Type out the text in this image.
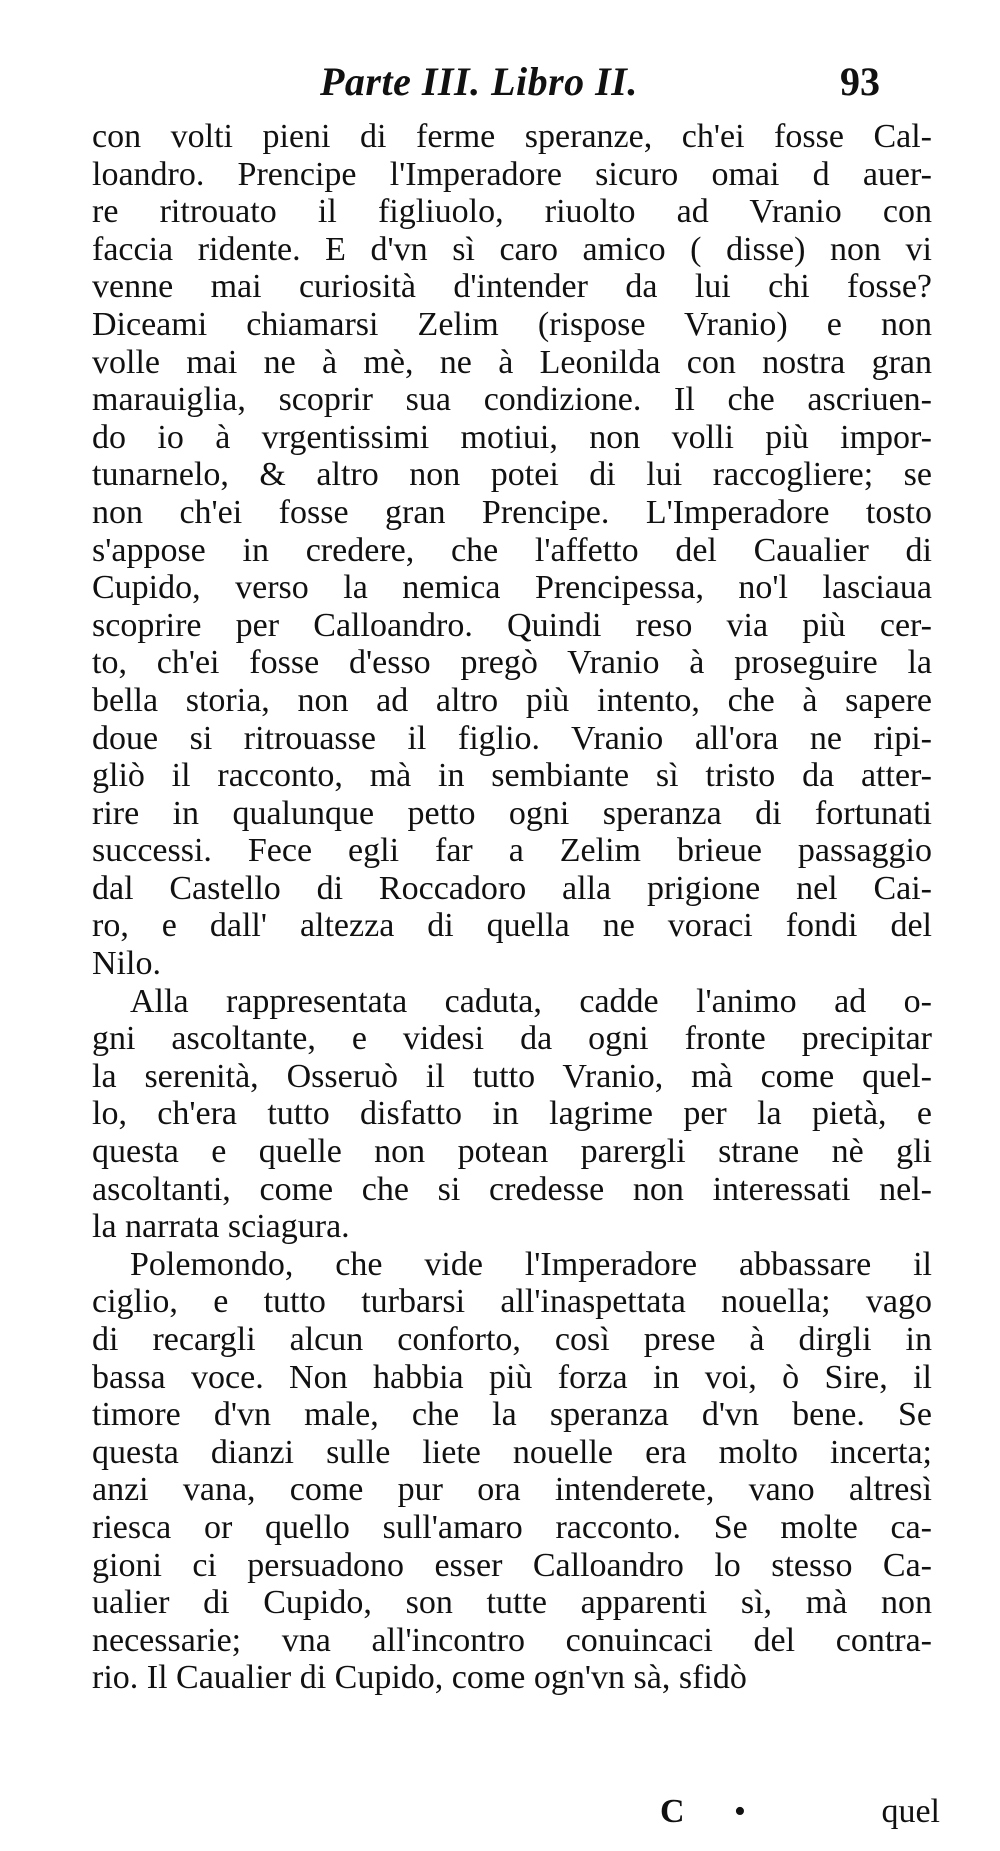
Parte III. Libro II.	93
con volti pieni di ferme speranze, ch'ei fosse Cal-
loandro. Prencipe l'Imperadore sicuro omai d auer-
re ritrouato il figliuolo, riuolto ad Vranio con
faccia ridente. E d'vn sì caro amico ( disse) non vi
venne mai curiosità d'intender da lui chi fosse?
Diceami chiamarsi Zelim (rispose Vranio) e non
volle mai ne à mè, ne à Leonilda con nostra gran
marauiglia, scoprir sua condizione. Il che ascriuen-
do io à vrgentissimi motiui, non volli più impor-
tunarnelo, & altro non potei di lui raccogliere; se
non ch'ei fosse gran Prencipe. L'Imperadore tosto
s'appose in credere, che l'affetto del Caualier di
Cupido, verso la nemica Prencipessa, no'l lasciaua
scoprire per Calloandro. Quindi reso via più cer-
to, ch'ei fosse d'esso pregò Vranio à proseguire la
bella storia, non ad altro più intento, che à sapere
doue si ritrouasse il figlio. Vranio all'ora ne ripi-
gliò il racconto, mà in sembiante sì tristo da atter-
rire in qualunque petto ogni speranza di fortunati
successi. Fece egli far a Zelim brieue passaggio
dal Castello di Roccadoro alla prigione nel Cai-
ro, e dall' altezza di quella ne voraci fondi del
Nilo.
Alla rappresentata caduta, cadde l'animo ad o-
gni ascoltante, e videsi da ogni fronte precipitar
la serenità, Osseruò il tutto Vranio, mà come quel-
lo, ch'era tutto disfatto in lagrime per la pietà, e
questa e quelle non potean parergli strane nè gli
ascoltanti, come che si credesse non interessati nel-
la narrata sciagura.
Polemondo, che vide l'Imperadore abbassare il
ciglio, e tutto turbarsi all'inaspettata nouella; vago
di recargli alcun conforto, così prese à dirgli in
bassa voce. Non habbia più forza in voi, ò Sire, il
timore d'vn male, che la speranza d'vn bene. Se
questa dianzi sulle liete nouelle era molto incerta;
anzi vana, come pur ora intenderete, vano altresì
riesca or quello sull'amaro racconto. Se molte ca-
gioni ci persuadono esser Calloandro lo stesso Ca-
ualier di Cupido, son tutte apparenti sì, mà non
necessarie; vna all'incontro conuincaci del contra-
rio. Il Caualier di Cupido, come ogn'vn sà, sfidò
C •	quel
